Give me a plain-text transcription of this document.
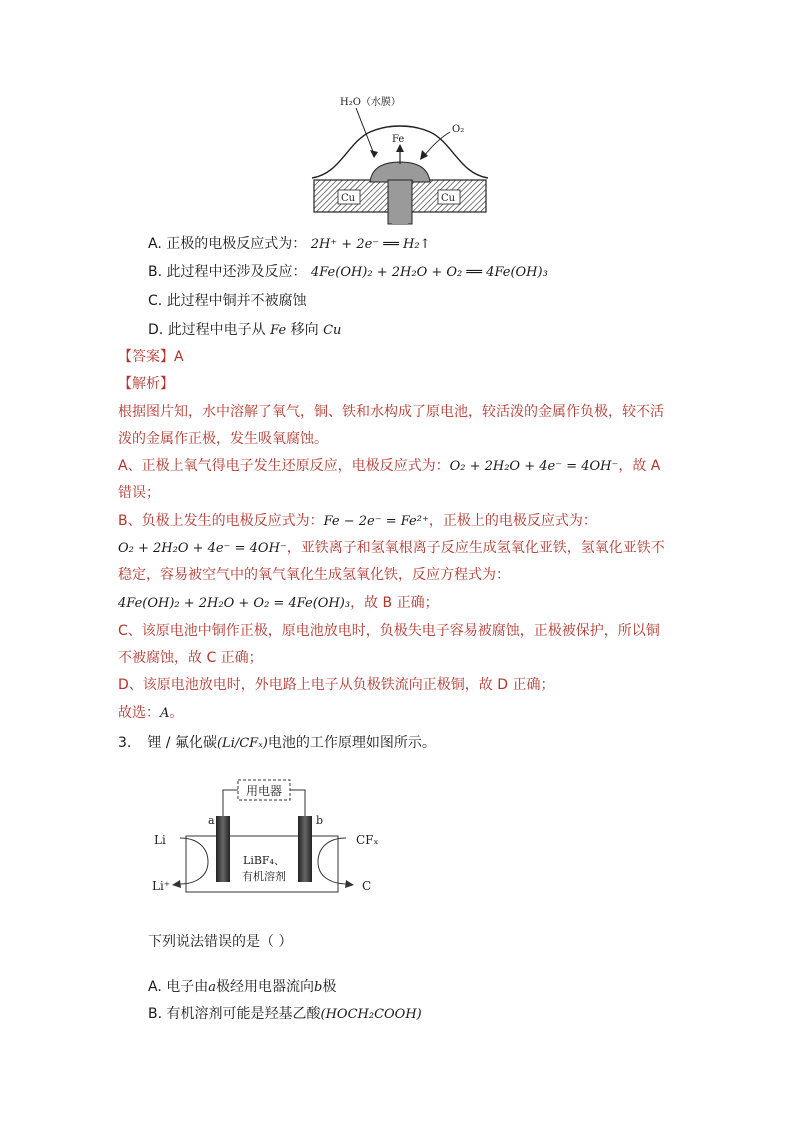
H₂O（水膜）
O₂
Fe
Cu	Cu
A. 正极的电极反应式为： 2H⁺ + 2e⁻ ══ H₂↑
B. 此过程中还涉及反应： 4Fe(OH)₂ + 2H₂O + O₂ ══ 4Fe(OH)₃
C. 此过程中铜并不被腐蚀
D. 此过程中电子从 Fe 移向 Cu
【答案】A
【解析】
根据图片知，水中溶解了氧气，铜、铁和水构成了原电池，较活泼的金属作负极，较不活
泼的金属作正极，发生吸氧腐蚀。
A、正极上氧气得电子发生还原反应，电极反应式为：O₂ + 2H₂O + 4e⁻ = 4OH⁻，故 A
错误；
B、负极上发生的电极反应式为：Fe − 2e⁻ = Fe²⁺，正极上的电极反应式为：
O₂ + 2H₂O + 4e⁻ = 4OH⁻，亚铁离子和氢氧根离子反应生成氢氧化亚铁，氢氧化亚铁不
稳定，容易被空气中的氧气氧化生成氢氧化铁，反应方程式为：
4Fe(OH)₂ + 2H₂O + O₂ = 4Fe(OH)₃，故 B 正确；
C、该原电池中铜作正极，原电池放电时，负极失电子容易被腐蚀，正极被保护，所以铜
不被腐蚀，故 C 正确；
D、该原电池放电时，外电路上电子从负极铁流向正极铜，故 D 正确；
故选：A。
3. 锂 / 氟化碳(Li/CFₓ)电池的工作原理如图所示。
用电器
a	b
LiBF₄、
有机溶剂
Li
Li⁺
CFₓ
C
下列说法错误的是（ ）
A. 电子由a极经用电器流向b极
B. 有机溶剂可能是羟基乙酸(HOCH₂COOH)
